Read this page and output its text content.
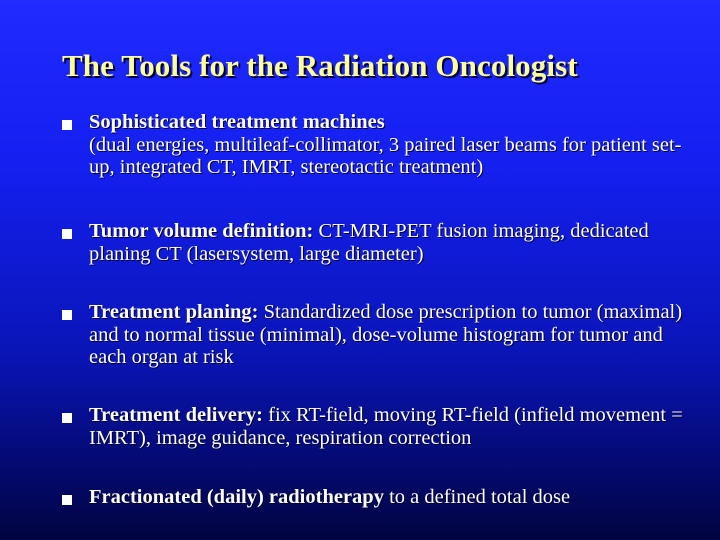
The Tools for the Radiation Oncologist
Sophisticated treatment machines
(dual energies, multileaf-collimator, 3 paired laser beams for patient set-up, integrated CT, IMRT, stereotactic treatment)
Tumor volume definition: CT-MRI-PET fusion imaging, dedicated planing CT (lasersystem, large diameter)
Treatment planing: Standardized dose prescription to tumor (maximal) and to normal tissue (minimal), dose-volume histogram for tumor and each organ at risk
Treatment delivery: fix RT-field, moving RT-field (infield movement = IMRT), image guidance, respiration correction
Fractionated (daily) radiotherapy to a defined total dose
